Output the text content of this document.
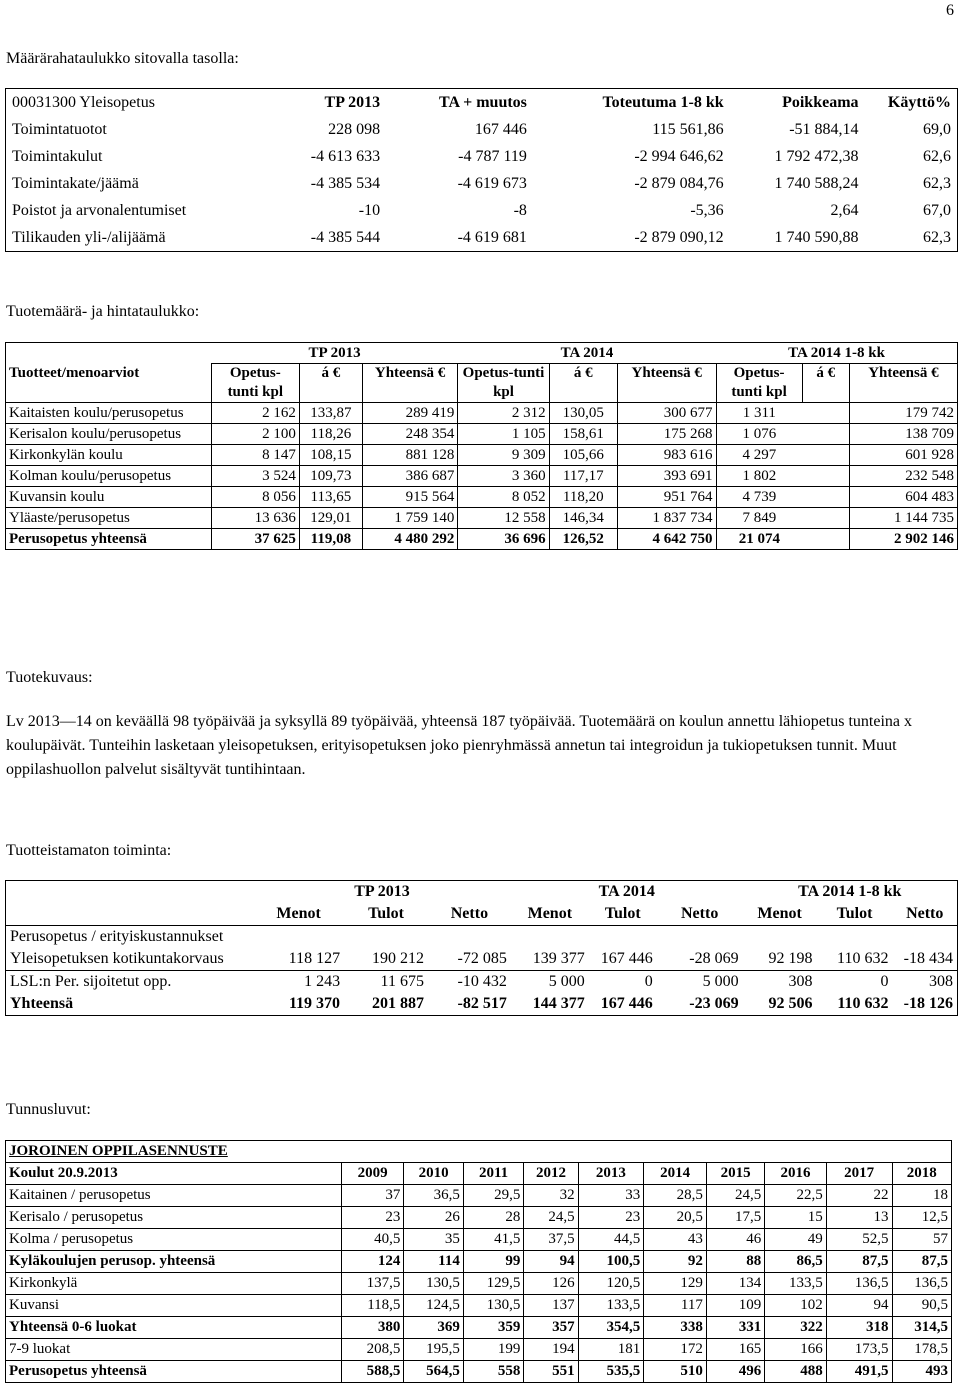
6
Määrärahataulukko sitovalla tasolla:
00031300 Yleisopetus	TP 2013	TA + muutos	Toteutuma 1-8 kk	Poikkeama	Käyttö%
Toimintatuotot	228 098	167 446	115 561,86	-51 884,14	69,0
Toimintakulut	-4 613 633	-4 787 119	-2 994 646,62	1 792 472,38	62,6
Toimintakate/jäämä	-4 385 534	-4 619 673	-2 879 084,76	1 740 588,24	62,3
Poistot ja arvonalentumiset	-10	-8	-5,36	2,64	67,0
Tilikauden yli-/alijäämä	-4 385 544	-4 619 681	-2 879 090,12	1 740 590,88	62,3
Tuotemäärä- ja hintataulukko:
	TP 2013			TA 2014			TA 2014 1-8 kk		
Tuotteet/menoarviot	Opetus-tunti kpl	á €	Yhteensä €	Opetus-tunti kpl	á €	Yhteensä €	Opetus-tunti kpl	á €	Yhteensä €
Kaitaisten koulu/perusopetus	2 162	133,87	289 419	2 312	130,05	300 677	1 311		179 742
Kerisalon koulu/perusopetus	2 100	118,26	248 354	1 105	158,61	175 268	1 076		138 709
Kirkonkylän koulu	8 147	108,15	881 128	9 309	105,66	983 616	4 297		601 928
Kolman koulu/perusopetus	3 524	109,73	386 687	3 360	117,17	393 691	1 802		232 548
Kuvansin koulu	8 056	113,65	915 564	8 052	118,20	951 764	4 739		604 483
Yläaste/perusopetus	13 636	129,01	1 759 140	12 558	146,34	1 837 734	7 849		1 144 735
Perusopetus yhteensä	37 625	119,08	4 480 292	36 696	126,52	4 642 750	21 074		2 902 146
Tuotekuvaus:
Lv 2013—14 on keväällä 98 työpäivää ja syksyllä 89 työpäivää, yhteensä 187 työpäivää. Tuotemäärä on koulun annettu lähiopetus tunteina x koulupäivät. Tunteihin lasketaan yleisopetuksen, erityisopetuksen joko pienryhmässä annetun tai integroidun ja tukiopetuksen tunnit. Muut oppilashuollon palvelut sisältyvät tuntihintaan.
Tuotteistamaton toiminta:
	TP 2013			TA 2014			TA 2014 1-8 kk		
	Menot	Tulot	Netto	Menot	Tulot	Netto	Menot	Tulot	Netto
Perusopetus / erityiskustannukset									
Yleisopetuksen kotikuntakorvaus	118 127	190 212	-72 085	139 377	167 446	-28 069	92 198	110 632	-18 434
LSL:n Per. sijoitetut opp.	1 243	11 675	-10 432	5 000	0	5 000	308	0	308
Yhteensä	119 370	201 887	-82 517	144 377	167 446	-23 069	92 506	110 632	-18 126
Tunnusluvut:
JOROINEN OPPILASENNUSTE										
Koulut 20.9.2013	2009	2010	2011	2012	2013	2014	2015	2016	2017	2018
Kaitainen / perusopetus	37	36,5	29,5	32	33	28,5	24,5	22,5	22	18
Kerisalo / perusopetus	23	26	28	24,5	23	20,5	17,5	15	13	12,5
Kolma / perusopetus	40,5	35	41,5	37,5	44,5	43	46	49	52,5	57
Kyläkoulujen perusop. yhteensä	124	114	99	94	100,5	92	88	86,5	87,5	87,5
Kirkonkylä	137,5	130,5	129,5	126	120,5	129	134	133,5	136,5	136,5
Kuvansi	118,5	124,5	130,5	137	133,5	117	109	102	94	90,5
Yhteensä 0-6 luokat	380	369	359	357	354,5	338	331	322	318	314,5
7-9 luokat	208,5	195,5	199	194	181	172	165	166	173,5	178,5
Perusopetus yhteensä	588,5	564,5	558	551	535,5	510	496	488	491,5	493
